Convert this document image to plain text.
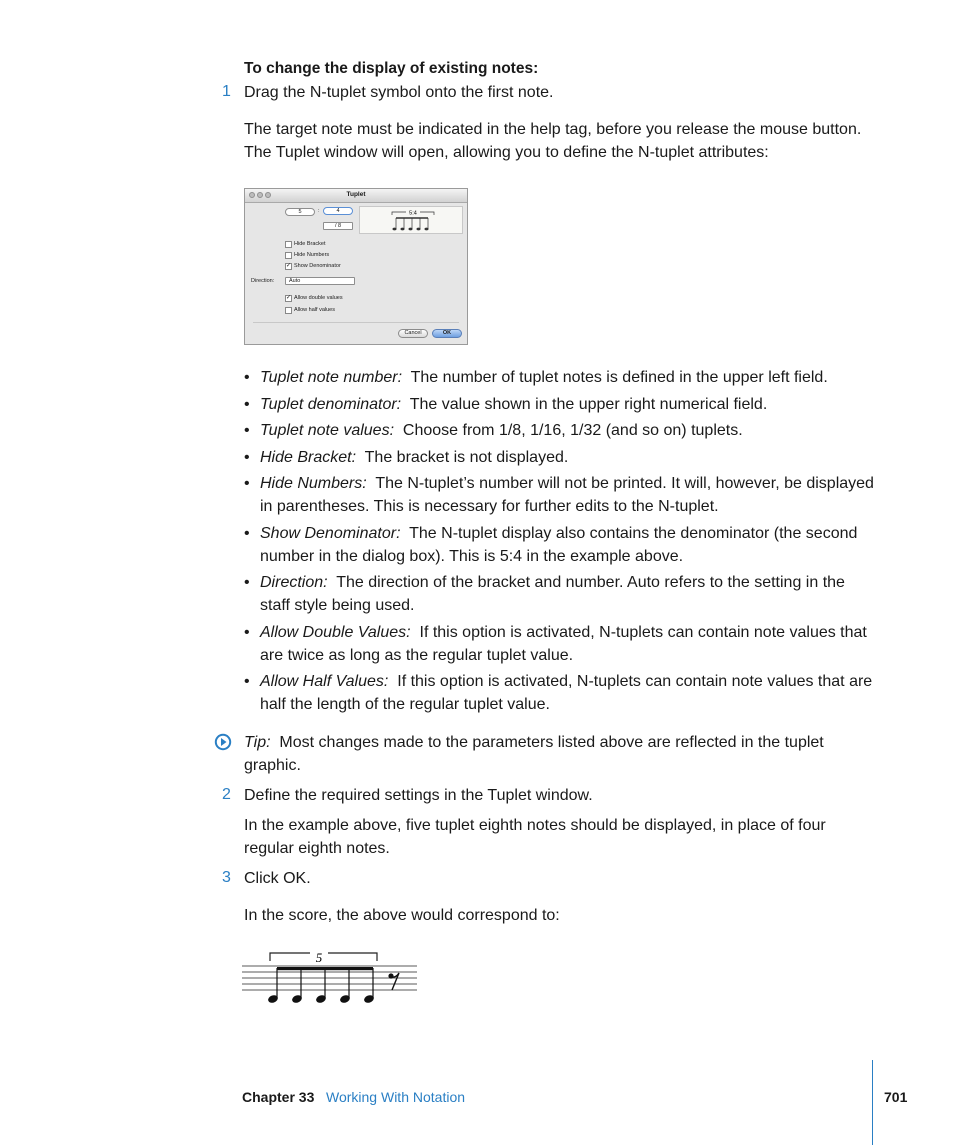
To change the display of existing notes:
1 Drag the N-tuplet symbol onto the first note.
The target note must be indicated in the help tag, before you release the mouse button. The Tuplet window will open, allowing you to define the N-tuplet attributes:
Tuplet
5	:	4
/ 8
5:4
Hide Bracket
Hide Numbers
✓ Show Denominator
Direction:	Auto
✓ Allow double values
Allow half values
Cancel	OK
• Tuplet note number: The number of tuplet notes is defined in the upper left field.
• Tuplet denominator: The value shown in the upper right numerical field.
• Tuplet note values: Choose from 1/8, 1/16, 1/32 (and so on) tuplets.
• Hide Bracket: The bracket is not displayed.
• Hide Numbers: The N-tuplet’s number will not be printed. It will, however, be displayed in parentheses. This is necessary for further edits to the N-tuplet.
• Show Denominator: The N-tuplet display also contains the denominator (the second number in the dialog box). This is 5:4 in the example above.
• Direction: The direction of the bracket and number. Auto refers to the setting in the staff style being used.
• Allow Double Values: If this option is activated, N-tuplets can contain note values that are twice as long as the regular tuplet value.
• Allow Half Values: If this option is activated, N-tuplets can contain note values that are half the length of the regular tuplet value.
Tip: Most changes made to the parameters listed above are reflected in the tuplet graphic.
2 Define the required settings in the Tuplet window.
In the example above, five tuplet eighth notes should be displayed, in place of four regular eighth notes.
3 Click OK.
In the score, the above would correspond to:
5
Chapter 33 Working With Notation	701
